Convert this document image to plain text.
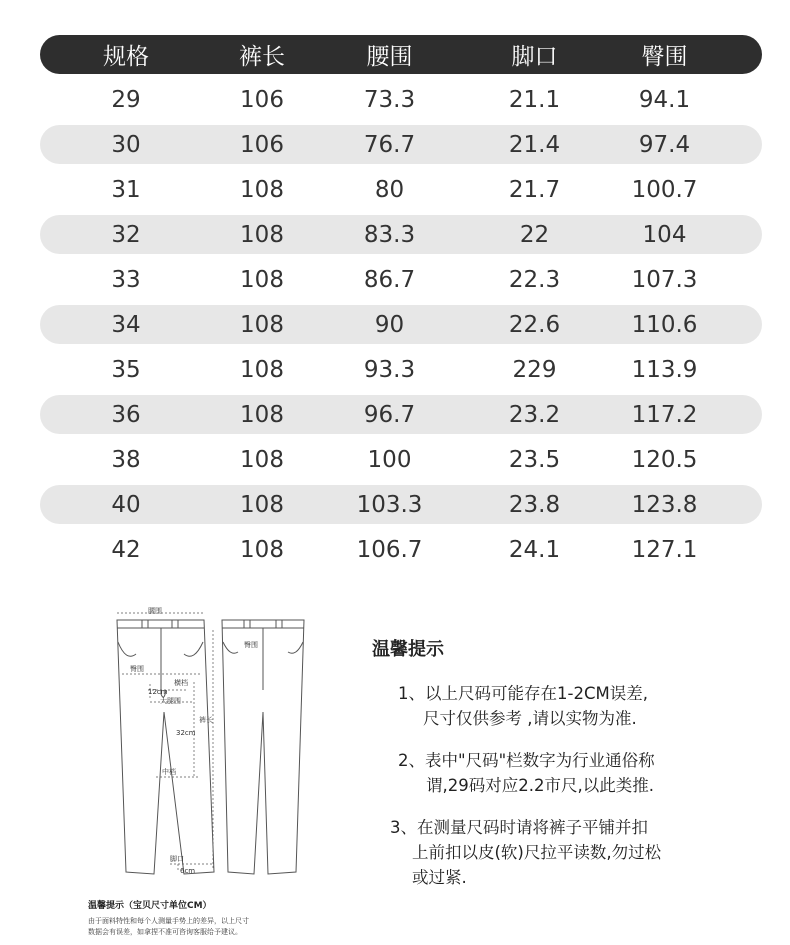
规格	裤长	腰围	脚口	臀围
29	106	73.3	21.1	94.1
30	106	76.7	21.4	97.4
31	108	80	21.7	100.7
32	108	83.3	22	104
33	108	86.7	22.3	107.3
34	108	90	22.6	110.6
35	108	93.3	229	113.9
36	108	96.7	23.2	117.2
38	108	100	23.5	120.5
40	108	103.3	23.8	123.8
42	108	106.7	24.1	127.1
腰围
臀围
横档
12cm
大腿围
裤长
32cm
中档
脚口
6cm
臀围
温馨提示（宝贝尺寸单位CM）
由于面料特性和每个人测量手势上的差异，以上尺寸
数据会有误差，如拿捏不准可咨询客服给予建议。
温馨提示
1、以上尺码可能存在1-2CM误差,
尺寸仅供参考 ,请以实物为准.
2、表中"尺码"栏数字为行业通俗称
谓,29码对应2.2市尺,以此类推.
3、在测量尺码时请将裤子平铺并扣
上前扣以皮(软)尺拉平读数,勿过松
或过紧.
